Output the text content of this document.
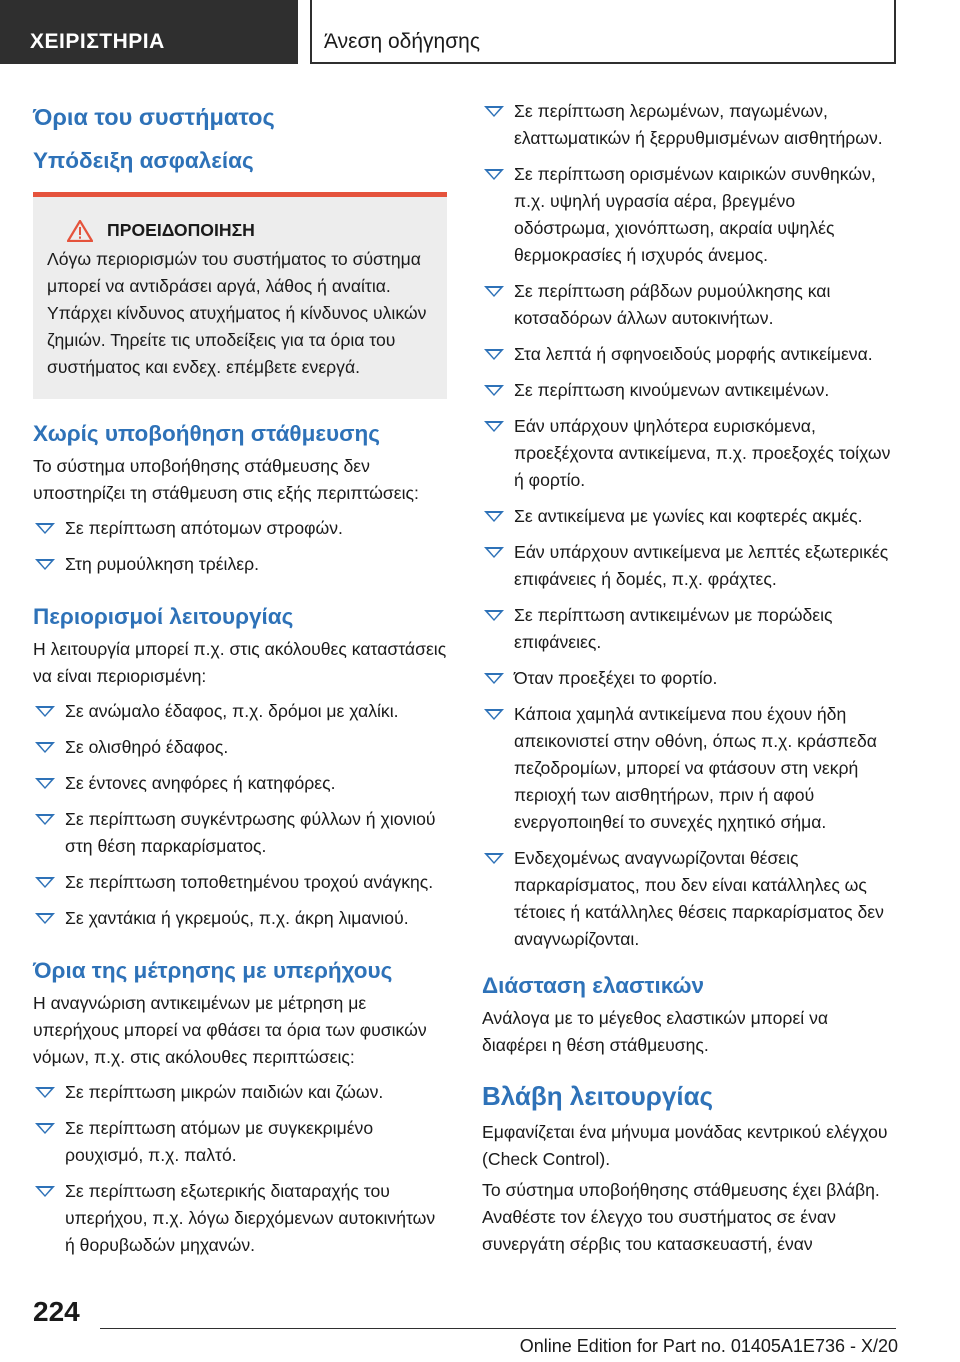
ΧΕΙΡΙΣΤΗΡΙΑ	Άνεση οδήγησης
Όρια του συστήματος
Υπόδειξη ασφαλείας
ΠΡΟΕΙΔΟΠΟΙΗΣΗ

Λόγω περιορισμών του συστήματος το σύστημα μπορεί να αντιδράσει αργά, λάθος ή αναίτια. Υπάρχει κίνδυνος ατυχήματος ή κίνδυνος υλικών ζημιών. Τηρείτε τις υποδείξεις για τα όρια του συστήματος και ενδεχ. επέμβετε ενεργά.

Χωρίς υποβοήθηση στάθμευσης

Το σύστημα υποβοήθησης στάθμευσης δεν υποστηρίζει τη στάθμευση στις εξής περιπτώσεις:

Σε περίπτωση απότομων στροφών.
Στη ρυμούλκηση τρέιλερ.
Περιορισμοί λειτουργίας

Η λειτουργία μπορεί π.χ. στις ακόλουθες καταστάσεις να είναι περιορισμένη:

Σε ανώμαλο έδαφος, π.χ. δρόμοι με χαλίκι.
Σε ολισθηρό έδαφος.
Σε έντονες ανηφόρες ή κατηφόρες.
Σε περίπτωση συγκέντρωσης φύλλων ή χιονιού στη θέση παρκαρίσματος.
Σε περίπτωση τοποθετημένου τροχού ανάγκης.
Σε χαντάκια ή γκρεμούς, π.χ. άκρη λιμανιού.
Όρια της μέτρησης με υπερήχους

Η αναγνώριση αντικειμένων με μέτρηση με υπερήχους μπορεί να φθάσει τα όρια των φυσικών νόμων, π.χ. στις ακόλουθες περιπτώσεις:

Σε περίπτωση μικρών παιδιών και ζώων.
Σε περίπτωση ατόμων με συγκεκριμένο ρουχισμό, π.χ. παλτό.
Σε περίπτωση εξωτερικής διαταραχής του υπερήχου, π.χ. λόγω διερχόμενων αυτοκινήτων ή θορυβωδών μηχανών.
Σε περίπτωση λερωμένων, παγωμένων, ελαττωματικών ή ξερρυθμισμένων αισθητήρων.
Σε περίπτωση ορισμένων καιρικών συνθηκών, π.χ. υψηλή υγρασία αέρα, βρεγμένο οδόστρωμα, χιονόπτωση, ακραία υψηλές θερμοκρασίες ή ισχυρός άνεμος.
Σε περίπτωση ράβδων ρυμούλκησης και κοτσαδόρων άλλων αυτοκινήτων.
Στα λεπτά ή σφηνοειδούς μορφής αντικείμενα.
Σε περίπτωση κινούμενων αντικειμένων.
Εάν υπάρχουν ψηλότερα ευρισκόμενα, προεξέχοντα αντικείμενα, π.χ. προεξοχές τοίχων ή φορτίο.
Σε αντικείμενα με γωνίες και κοφτερές ακμές.
Εάν υπάρχουν αντικείμενα με λεπτές εξωτερικές επιφάνειες ή δομές, π.χ. φράχτες.
Σε περίπτωση αντικειμένων με πορώδεις επιφάνειες.
Όταν προεξέχει το φορτίο.
Κάποια χαμηλά αντικείμενα που έχουν ήδη απεικονιστεί στην οθόνη, όπως π.χ. κράσπεδα πεζοδρομίων, μπορεί να φτάσουν στη νεκρή περιοχή των αισθητήρων, πριν ή αφού ενεργοποιηθεί το συνεχές ηχητικό σήμα.
Ενδεχομένως αναγνωρίζονται θέσεις παρκαρίσματος, που δεν είναι κατάλληλες ως τέτοιες ή κατάλληλες θέσεις παρκαρίσματος δεν αναγνωρίζονται.
Διάσταση ελαστικών

Ανάλογα με το μέγεθος ελαστικών μπορεί να διαφέρει η θέση στάθμευσης.

Βλάβη λειτουργίας

Εμφανίζεται ένα μήνυμα μονάδας κεντρικού ελέγχου (Check Control).

Το σύστημα υποβοήθησης στάθμευσης έχει βλάβη. Αναθέστε τον έλεγχο του συστήματος σε έναν συνεργάτη σέρβις του κατασκευαστή, έναν

224
Online Edition for Part no. 01405A1E736 - X/20
